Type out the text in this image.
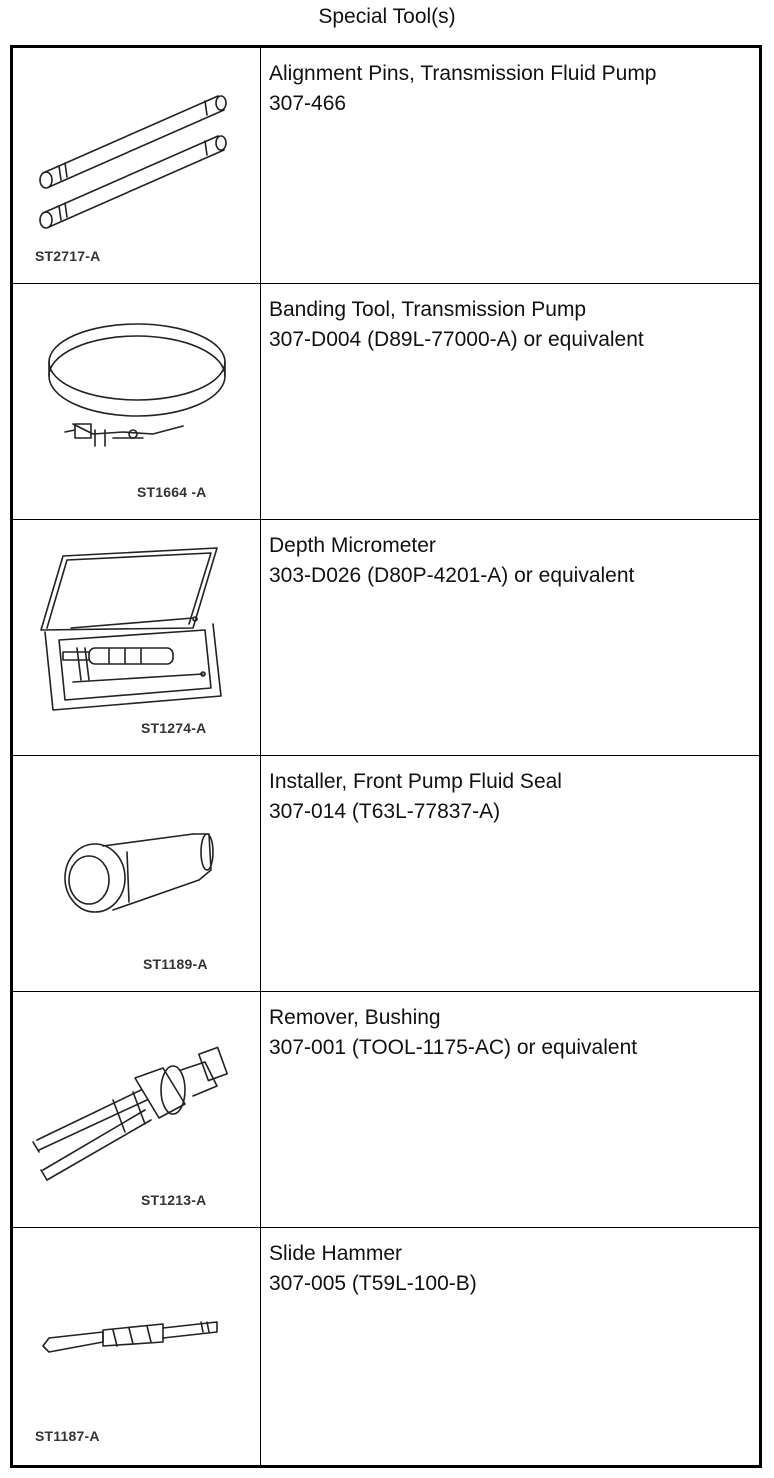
Special Tool(s)
ST2717-A
Alignment Pins, Transmission Fluid Pump
307-466
ST1664 -A
Banding Tool, Transmission Pump
307-D004 (D89L-77000-A) or equivalent
ST1274-A
Depth Micrometer
303-D026 (D80P-4201-A) or equivalent
ST1189-A
Installer, Front Pump Fluid Seal
307-014 (T63L-77837-A)
ST1213-A
Remover, Bushing
307-001 (TOOL-1175-AC) or equivalent
ST1187-A
Slide Hammer
307-005 (T59L-100-B)
